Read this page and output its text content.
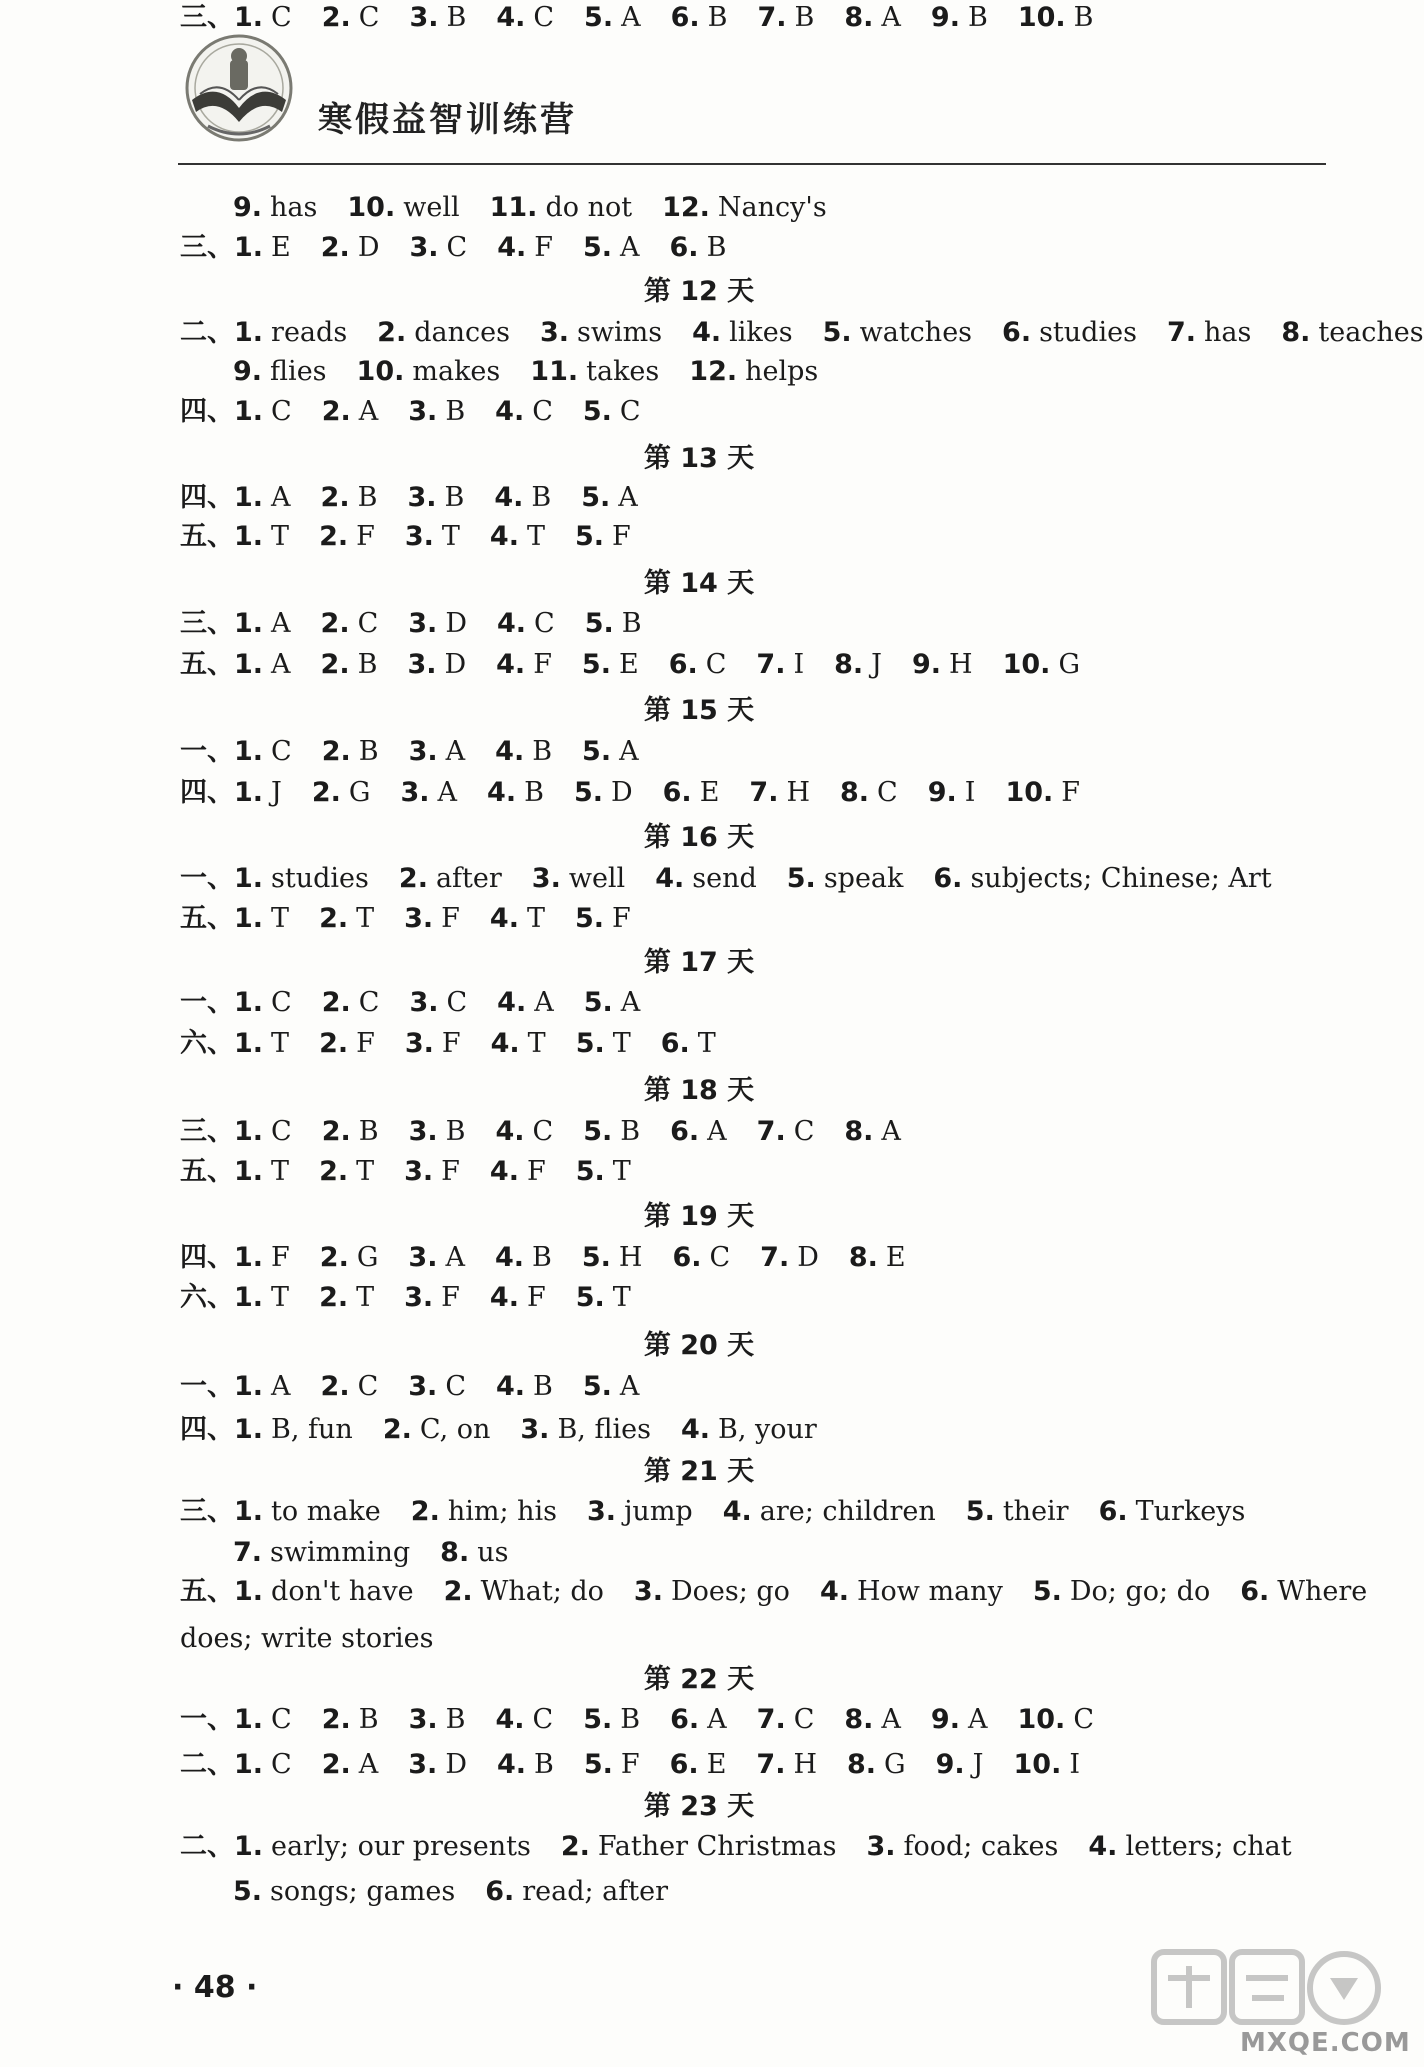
寒假益智训练营
9. has 10. well 11. do not 12. Nancy's
三、1. E 2. D 3. C 4. F 5. A 6. B
第 12 天
二、1. reads 2. dances 3. swims 4. likes 5. watches 6. studies 7. has 8. teaches
9. flies 10. makes 11. takes 12. helps
四、1. C 2. A 3. B 4. C 5. C
第 13 天
四、1. A 2. B 3. B 4. B 5. A
五、1. T 2. F 3. T 4. T 5. F
第 14 天
三、1. A 2. C 3. D 4. C 5. B
五、1. A 2. B 3. D 4. F 5. E 6. C 7. I 8. J 9. H 10. G
第 15 天
一、1. C 2. B 3. A 4. B 5. A
四、1. J 2. G 3. A 4. B 5. D 6. E 7. H 8. C 9. I 10. F
第 16 天
一、1. studies 2. after 3. well 4. send 5. speak 6. subjects; Chinese; Art
五、1. T 2. T 3. F 4. T 5. F
第 17 天
一、1. C 2. C 3. C 4. A 5. A
六、1. T 2. F 3. F 4. T 5. T 6. T
第 18 天
三、1. C 2. B 3. B 4. C 5. B 6. A 7. C 8. A
五、1. T 2. T 3. F 4. F 5. T
第 19 天
四、1. F 2. G 3. A 4. B 5. H 6. C 7. D 8. E
六、1. T 2. T 3. F 4. F 5. T
第 20 天
一、1. A 2. C 3. C 4. B 5. A
四、1. B, fun 2. C, on 3. B, flies 4. B, your
第 21 天
三、1. to make 2. him; his 3. jump 4. are; children 5. their 6. Turkeys
7. swimming 8. us
五、1. don't have 2. What; do 3. Does; go 4. How many 5. Do; go; do 6. Where
does; write stories
第 22 天
一、1. C 2. B 3. B 4. C 5. B 6. A 7. C 8. A 9. A 10. C
二、1. C 2. A 3. D 4. B 5. F 6. E 7. H 8. G 9. J 10. I
第 23 天
二、1. early; our presents 2. Father Christmas 3. food; cakes 4. letters; chat
5. songs; games 6. read; after
三、1. C 2. C 3. B 4. C 5. A 6. B 7. B 8. A 9. B 10. B
· 48 ·
MXQE.COM
